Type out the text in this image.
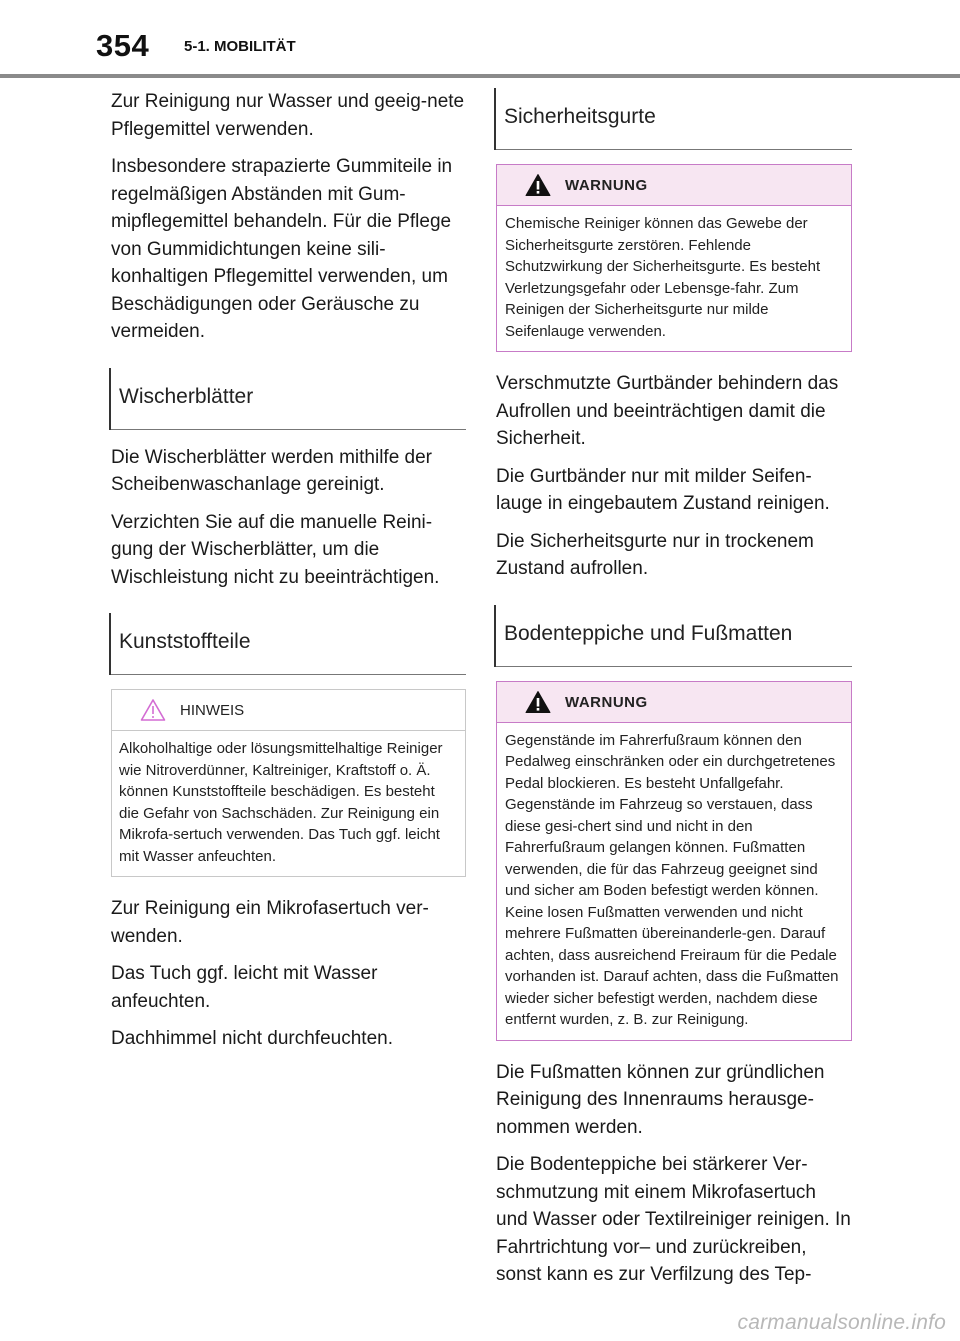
354 5-1. MOBILITÄT

Zur Reinigung nur Wasser und geeig-nete Pflegemittel verwenden.

Insbesondere strapazierte Gummiteile in regelmäßigen Abständen mit Gum-mipflegemittel behandeln. Für die Pflege von Gummidichtungen keine sili-konhaltigen Pflegemittel verwenden, um Beschädigungen oder Geräusche zu vermeiden.

Wischerblätter

Die Wischerblätter werden mithilfe der Scheibenwaschanlage gereinigt.

Verzichten Sie auf die manuelle Reini-gung der Wischerblätter, um die Wischleistung nicht zu beeinträchtigen.

Kunststoffteile
HINWEIS
Alkoholhaltige oder lösungsmittelhaltige Reiniger wie Nitroverdünner, Kaltreiniger, Kraftstoff o. Ä. können Kunststoffteile beschädigen. Es besteht die Gefahr von Sachschäden. Zur Reinigung ein Mikrofa-sertuch verwenden. Das Tuch ggf. leicht mit Wasser anfeuchten.

Zur Reinigung ein Mikrofasertuch ver-wenden.

Das Tuch ggf. leicht mit Wasser anfeuchten.

Dachhimmel nicht durchfeuchten.

Sicherheitsgurte
WARNUNG
Chemische Reiniger können das Gewebe der Sicherheitsgurte zerstören. Fehlende Schutzwirkung der Sicherheitsgurte. Es besteht Verletzungsgefahr oder Lebensge-fahr. Zum Reinigen der Sicherheitsgurte nur milde Seifenlauge verwenden.

Verschmutzte Gurtbänder behindern das Aufrollen und beeinträchtigen damit die Sicherheit.

Die Gurtbänder nur mit milder Seifen-lauge in eingebautem Zustand reinigen.

Die Sicherheitsgurte nur in trockenem Zustand aufrollen.

Bodenteppiche und Fußmatten
WARNUNG
Gegenstände im Fahrerfußraum können den Pedalweg einschränken oder ein durchgetretenes Pedal blockieren. Es besteht Unfallgefahr. Gegenstände im Fahrzeug so verstauen, dass diese gesi-chert sind und nicht in den Fahrerfußraum gelangen können. Fußmatten verwenden, die für das Fahrzeug geeignet sind und sicher am Boden befestigt werden können. Keine losen Fußmatten verwenden und nicht mehrere Fußmatten übereinanderle-gen. Darauf achten, dass ausreichend Freiraum für die Pedale vorhanden ist. Darauf achten, dass die Fußmatten wieder sicher befestigt werden, nachdem diese entfernt wurden, z. B. zur Reinigung.

Die Fußmatten können zur gründlichen Reinigung des Innenraums herausge-nommen werden.

Die Bodenteppiche bei stärkerer Ver-schmutzung mit einem Mikrofasertuch und Wasser oder Textilreiniger reinigen. In Fahrtrichtung vor– und zurückreiben, sonst kann es zur Verfilzung des Tep-

carmanualsonline.info
